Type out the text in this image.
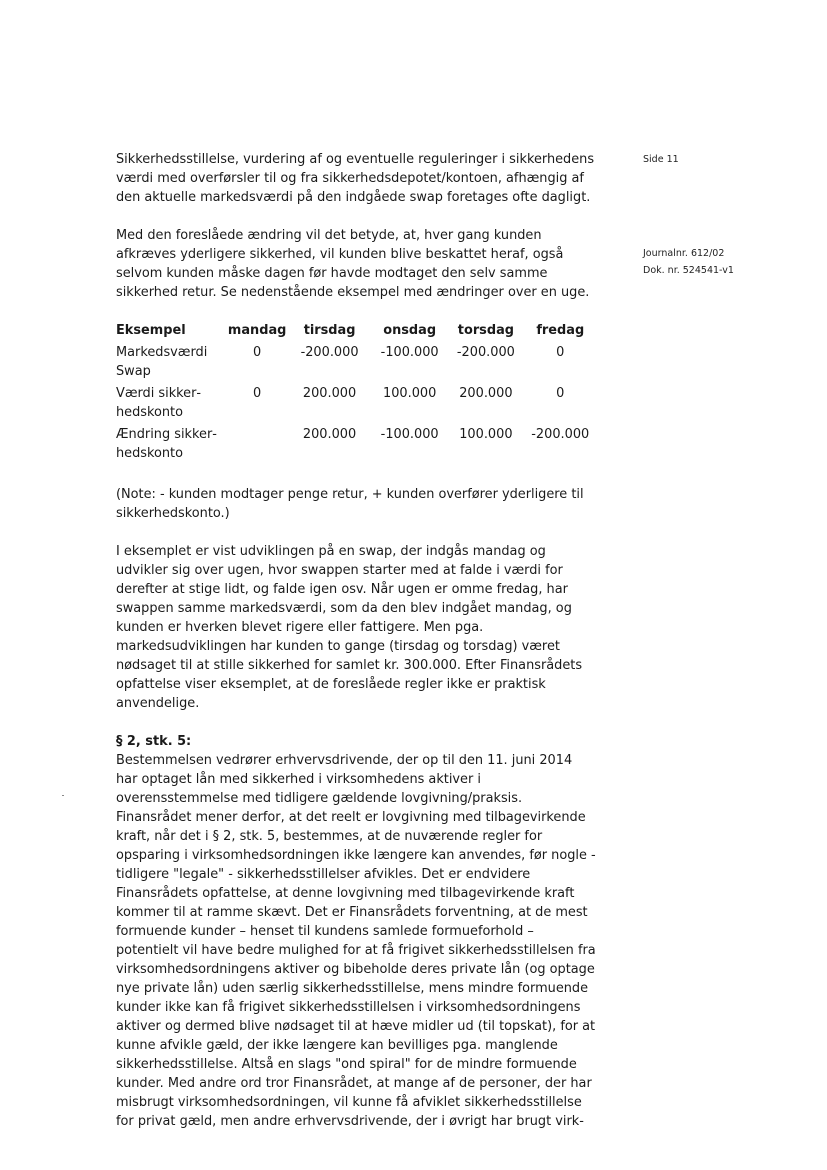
Side 11
Journalnr. 612/02
Dok. nr. 524541-v1

Sikkerhedsstillelse, vurdering af og eventuelle reguleringer i sikkerhedens værdi med overførsler til og fra sikkerhedsdepotet/kontoen, afhængig af den aktuelle markedsværdi på den indgåede swap foretages ofte dagligt.

Med den foreslåede ændring vil det betyde, at, hver gang kunden afkræves yderligere sikkerhed, vil kunden blive beskattet heraf, også selvom kunden måske dagen før havde modtaget den selv samme sikkerhed retur. Se nedenstående eksempel med ændringer over en uge.

Eksempel	mandag	tirsdag	onsdag	torsdag	fredag
Markedsværdi Swap	0	-200.000	-100.000	-200.000	0
Værdi sikkerhedskonto	0	200.000	100.000	200.000	0
Ændring sikkerhedskonto		200.000	-100.000	100.000	-200.000

(Note: - kunden modtager penge retur, + kunden overfører yderligere til sikkerhedskonto.)

I eksemplet er vist udviklingen på en swap, der indgås mandag og udvikler sig over ugen, hvor swappen starter med at falde i værdi for derefter at stige lidt, og falde igen osv. Når ugen er omme fredag, har swappen samme markedsværdi, som da den blev indgået mandag, og kunden er hverken blevet rigere eller fattigere. Men pga. markedsudviklingen har kunden to gange (tirsdag og torsdag) været nødsaget til at stille sikkerhed for samlet kr. 300.000. Efter Finansrådets opfattelse viser eksemplet, at de foreslåede regler ikke er praktisk anvendelige.

§ 2, stk. 5:

Bestemmelsen vedrører erhvervsdrivende, der op til den 11. juni 2014 har optaget lån med sikkerhed i virksomhedens aktiver i overensstemmelse med tidligere gældende lovgivning/praksis. Finansrådet mener derfor, at det reelt er lovgivning med tilbagevirkende kraft, når det i § 2, stk. 5, bestemmes, at de nuværende regler for opsparing i virksomhedsordningen ikke længere kan anvendes, før nogle - tidligere "legale" - sikkerhedsstillelser afvikles. Det er endvidere Finansrådets opfattelse, at denne lovgivning med tilbagevirkende kraft kommer til at ramme skævt. Det er Finansrådets forventning, at de mest formuende kunder – henset til kundens samlede formueforhold – potentielt vil have bedre mulighed for at få frigivet sikkerhedsstillelsen fra virksomhedsordningens aktiver og bibeholde deres private lån (og optage nye private lån) uden særlig sikkerhedsstillelse, mens mindre formuende kunder ikke kan få frigivet sikkerhedsstillelsen i virksomhedsordningens aktiver og dermed blive nødsaget til at hæve midler ud (til topskat), for at kunne afvikle gæld, der ikke længere kan bevilliges pga. manglende sikkerhedsstillelse. Altså en slags "ond spiral" for de mindre formuende kunder. Med andre ord tror Finansrådet, at mange af de personer, der har misbrugt virksomhedsordningen, vil kunne få afviklet sikkerhedsstillelse for privat gæld, men andre erhvervsdrivende, der i øvrigt har brugt virk-
